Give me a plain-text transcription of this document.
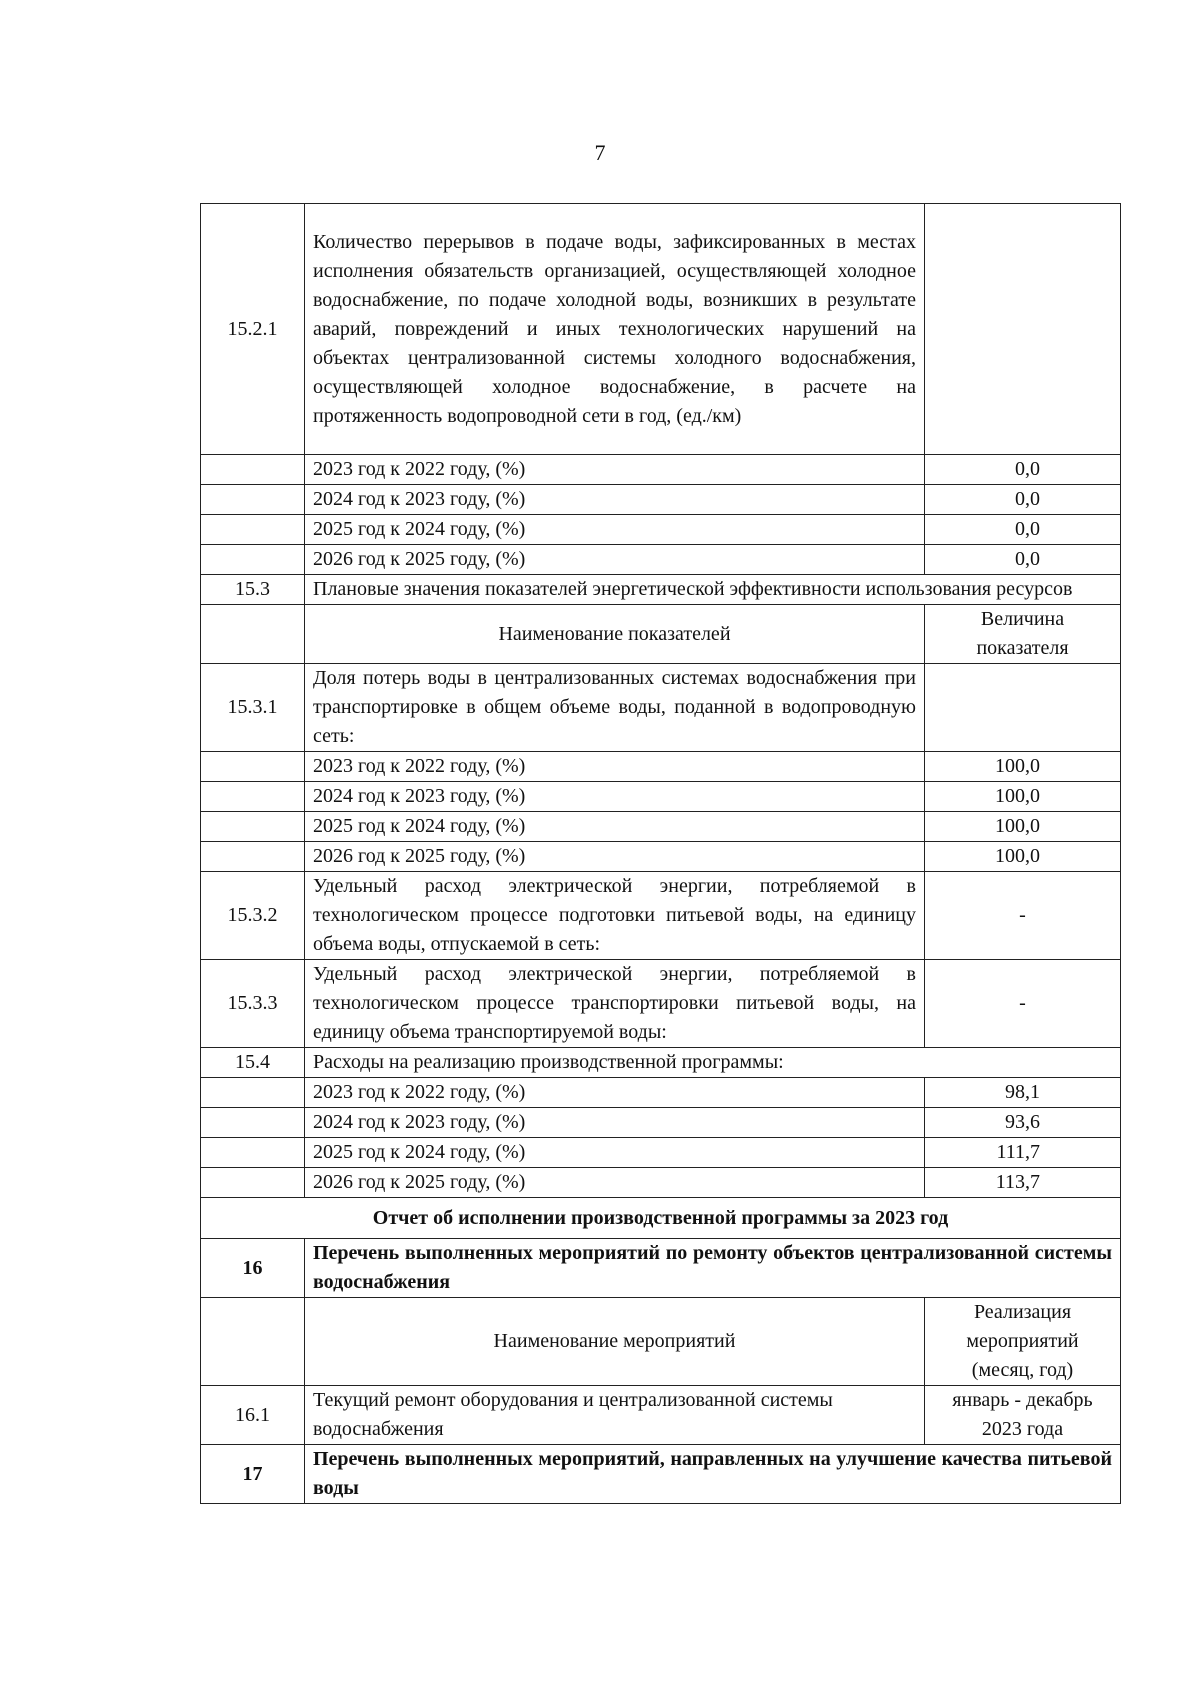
7
15.2.1	Количество перерывов в подаче воды, зафиксированных в местах исполнения обязательств организацией, осуществляющей холодное водоснабжение, по подаче холодной воды, возникших в результате аварий, повреждений и иных технологических нарушений на объектах централизованной системы холодного водоснабжения, осуществляющей холодное водоснабжение, в расчете на протяженность водопроводной сети в год, (ед./км)	
	2023 год к 2022 году, (%)	0,0
	2024 год к 2023 году, (%)	0,0
	2025 год к 2024 году, (%)	0,0
	2026 год к 2025 году, (%)	0,0
15.3	Плановые значения показателей энергетической эффективности использования ресурсов	
	Наименование показателей	Величина показателя
15.3.1	Доля потерь воды в централизованных системах водоснабжения при транспортировке в общем объеме воды, поданной в водопроводную сеть:	
	2023 год к 2022 году, (%)	100,0
	2024 год к 2023 году, (%)	100,0
	2025 год к 2024 году, (%)	100,0
	2026 год к 2025 году, (%)	100,0
15.3.2	Удельный расход электрической энергии, потребляемой в технологическом процессе подготовки питьевой воды, на единицу объема воды, отпускаемой в сеть:	-
15.3.3	Удельный расход электрической энергии, потребляемой в технологическом процессе транспортировки питьевой воды, на единицу объема транспортируемой воды:	-
15.4	Расходы на реализацию производственной программы:	
	2023 год к 2022 году, (%)	98,1
	2024 год к 2023 году, (%)	93,6
	2025 год к 2024 году, (%)	111,7
	2026 год к 2025 году, (%)	113,7
Отчет об исполнении производственной программы за 2023 год		
16	Перечень выполненных мероприятий по ремонту объектов централизованной системы водоснабжения	
	Наименование мероприятий	Реализация мероприятий (месяц, год)
16.1	Текущий ремонт оборудования и централизованной системы водоснабжения	январь - декабрь 2023 года
17	Перечень выполненных мероприятий, направленных на улучшение качества питьевой воды	
